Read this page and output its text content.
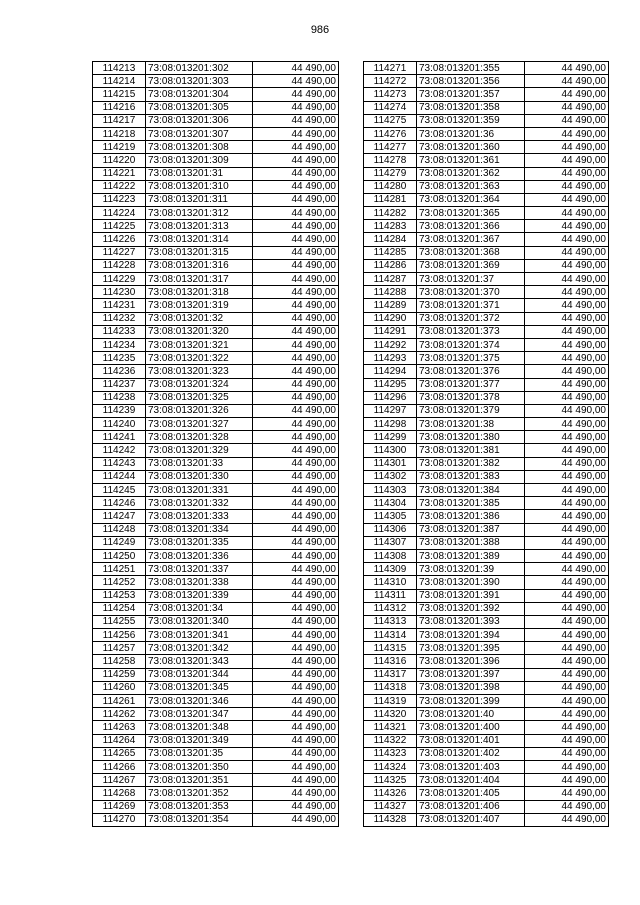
986
114213	73:08:013201:302	44 490,00
114214	73:08:013201:303	44 490,00
114215	73:08:013201:304	44 490,00
114216	73:08:013201:305	44 490,00
114217	73:08:013201:306	44 490,00
114218	73:08:013201:307	44 490,00
114219	73:08:013201:308	44 490,00
114220	73:08:013201:309	44 490,00
114221	73:08:013201:31	44 490,00
114222	73:08:013201:310	44 490,00
114223	73:08:013201:311	44 490,00
114224	73:08:013201:312	44 490,00
114225	73:08:013201:313	44 490,00
114226	73:08:013201:314	44 490,00
114227	73:08:013201:315	44 490,00
114228	73:08:013201:316	44 490,00
114229	73:08:013201:317	44 490,00
114230	73:08:013201:318	44 490,00
114231	73:08:013201:319	44 490,00
114232	73:08:013201:32	44 490,00
114233	73:08:013201:320	44 490,00
114234	73:08:013201:321	44 490,00
114235	73:08:013201:322	44 490,00
114236	73:08:013201:323	44 490,00
114237	73:08:013201:324	44 490,00
114238	73:08:013201:325	44 490,00
114239	73:08:013201:326	44 490,00
114240	73:08:013201:327	44 490,00
114241	73:08:013201:328	44 490,00
114242	73:08:013201:329	44 490,00
114243	73:08:013201:33	44 490,00
114244	73:08:013201:330	44 490,00
114245	73:08:013201:331	44 490,00
114246	73:08:013201:332	44 490,00
114247	73:08:013201:333	44 490,00
114248	73:08:013201:334	44 490,00
114249	73:08:013201:335	44 490,00
114250	73:08:013201:336	44 490,00
114251	73:08:013201:337	44 490,00
114252	73:08:013201:338	44 490,00
114253	73:08:013201:339	44 490,00
114254	73:08:013201:34	44 490,00
114255	73:08:013201:340	44 490,00
114256	73:08:013201:341	44 490,00
114257	73:08:013201:342	44 490,00
114258	73:08:013201:343	44 490,00
114259	73:08:013201:344	44 490,00
114260	73:08:013201:345	44 490,00
114261	73:08:013201:346	44 490,00
114262	73:08:013201:347	44 490,00
114263	73:08:013201:348	44 490,00
114264	73:08:013201:349	44 490,00
114265	73:08:013201:35	44 490,00
114266	73:08:013201:350	44 490,00
114267	73:08:013201:351	44 490,00
114268	73:08:013201:352	44 490,00
114269	73:08:013201:353	44 490,00
114270	73:08:013201:354	44 490,00
114271	73:08:013201:355	44 490,00
114272	73:08:013201:356	44 490,00
114273	73:08:013201:357	44 490,00
114274	73:08:013201:358	44 490,00
114275	73:08:013201:359	44 490,00
114276	73:08:013201:36	44 490,00
114277	73:08:013201:360	44 490,00
114278	73:08:013201:361	44 490,00
114279	73:08:013201:362	44 490,00
114280	73:08:013201:363	44 490,00
114281	73:08:013201:364	44 490,00
114282	73:08:013201:365	44 490,00
114283	73:08:013201:366	44 490,00
114284	73:08:013201:367	44 490,00
114285	73:08:013201:368	44 490,00
114286	73:08:013201:369	44 490,00
114287	73:08:013201:37	44 490,00
114288	73:08:013201:370	44 490,00
114289	73:08:013201:371	44 490,00
114290	73:08:013201:372	44 490,00
114291	73:08:013201:373	44 490,00
114292	73:08:013201:374	44 490,00
114293	73:08:013201:375	44 490,00
114294	73:08:013201:376	44 490,00
114295	73:08:013201:377	44 490,00
114296	73:08:013201:378	44 490,00
114297	73:08:013201:379	44 490,00
114298	73:08:013201:38	44 490,00
114299	73:08:013201:380	44 490,00
114300	73:08:013201:381	44 490,00
114301	73:08:013201:382	44 490,00
114302	73:08:013201:383	44 490,00
114303	73:08:013201:384	44 490,00
114304	73:08:013201:385	44 490,00
114305	73:08:013201:386	44 490,00
114306	73:08:013201:387	44 490,00
114307	73:08:013201:388	44 490,00
114308	73:08:013201:389	44 490,00
114309	73:08:013201:39	44 490,00
114310	73:08:013201:390	44 490,00
114311	73:08:013201:391	44 490,00
114312	73:08:013201:392	44 490,00
114313	73:08:013201:393	44 490,00
114314	73:08:013201:394	44 490,00
114315	73:08:013201:395	44 490,00
114316	73:08:013201:396	44 490,00
114317	73:08:013201:397	44 490,00
114318	73:08:013201:398	44 490,00
114319	73:08:013201:399	44 490,00
114320	73:08:013201:40	44 490,00
114321	73:08:013201:400	44 490,00
114322	73:08:013201:401	44 490,00
114323	73:08:013201:402	44 490,00
114324	73:08:013201:403	44 490,00
114325	73:08:013201:404	44 490,00
114326	73:08:013201:405	44 490,00
114327	73:08:013201:406	44 490,00
114328	73:08:013201:407	44 490,00
